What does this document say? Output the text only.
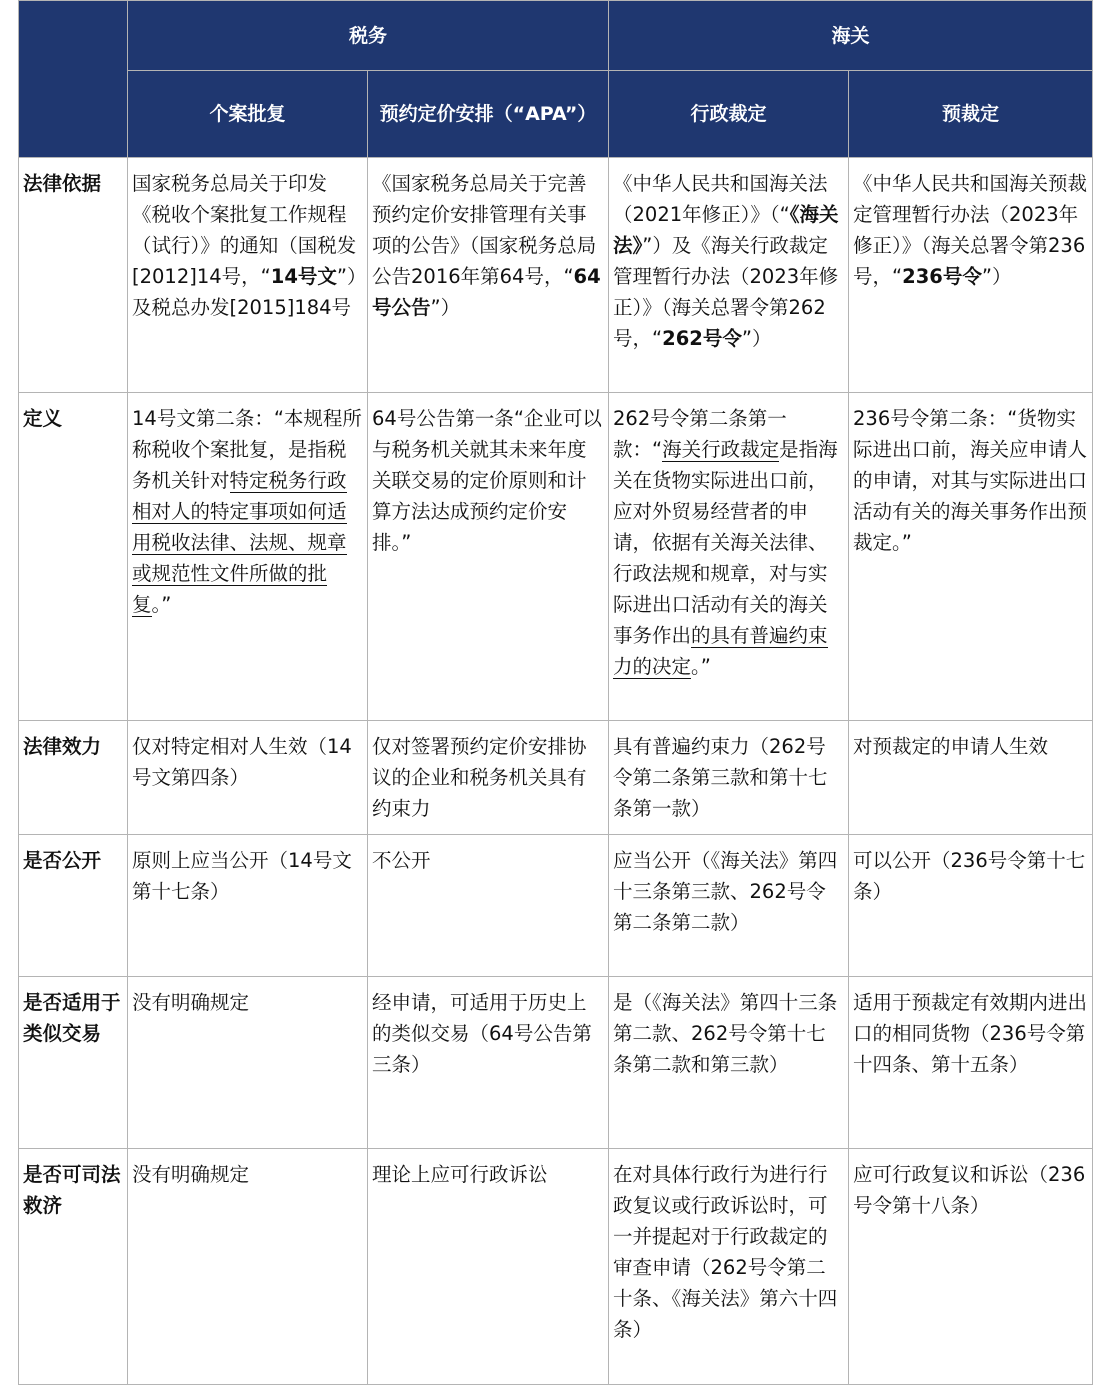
	税务		海关	
	个案批复	预约定价安排（“APA”）	行政裁定	预裁定
法律依据	国家税务总局关于印发《税收个案批复工作规程（试行）》的通知（国税发[2012]14号，“14号文”）及税总办发[2015]184号	《国家税务总局关于完善预约定价安排管理有关事项的公告》（国家税务总局公告2016年第64号，“64号公告”）	《中华人民共和国海关法（2021年修正）》（“《海关法》”）及《海关行政裁定管理暂行办法（2023年修正）》（海关总署令第262号，“262号令”）	《中华人民共和国海关预裁定管理暂行办法（2023年修正）》（海关总署令第236号，“236号令”）
定义	14号文第二条：“本规程所称税收个案批复，是指税务机关针对特定税务行政相对人的特定事项如何适用税收法律、法规、规章或规范性文件所做的批复。”	64号公告第一条“企业可以与税务机关就其未来年度关联交易的定价原则和计算方法达成预约定价安排。”	262号令第二条第一款：“海关行政裁定是指海关在货物实际进出口前，应对外贸易经营者的申请，依据有关海关法律、行政法规和规章，对与实际进出口活动有关的海关事务作出的具有普遍约束力的决定。”	236号令第二条：“货物实际进出口前，海关应申请人的申请，对其与实际进出口活动有关的海关事务作出预裁定。”
法律效力	仅对特定相对人生效（14号文第四条）	仅对签署预约定价安排协议的企业和税务机关具有约束力	具有普遍约束力（262号令第二条第三款和第十七条第一款）	对预裁定的申请人生效
是否公开	原则上应当公开（14号文第十七条）	不公开	应当公开（《海关法》第四十三条第三款、262号令第二条第二款）	可以公开（236号令第十七条）
是否适用于类似交易	没有明确规定	经申请，可适用于历史上的类似交易（64号公告第三条）	是（《海关法》第四十三条第二款、262号令第十七条第二款和第三款）	适用于预裁定有效期内进出口的相同货物（236号令第十四条、第十五条）
是否可司法救济	没有明确规定	理论上应可行政诉讼	在对具体行政行为进行行政复议或行政诉讼时，可一并提起对于行政裁定的审查申请（262号令第二十条、《海关法》第六十四条）	应可行政复议和诉讼（236号令第十八条）
